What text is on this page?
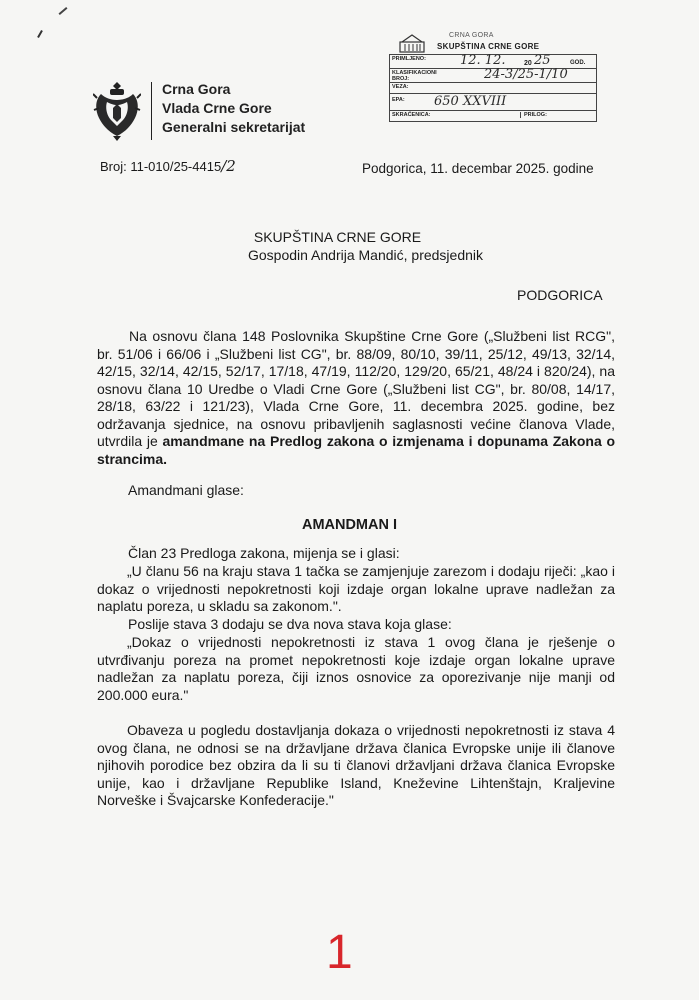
Crna Gora
Vlada Crne Gore
Generalni sekretarijat
CRNA GORA
SKUPŠTINA CRNE GORE
PRIMLJENO:	12. 12.	20 25	GOD.
KLASIFIKACIONI BROJ:	24-3/25-1/10
VEZA:
EPA: 650 XXVIII
SKRAĆENICA:	PRILOG:
Broj: 11-010/25-4415/2	Podgorica, 11. decembar 2025. godine
SKUPŠTINA CRNE GORE
Gospodin Andrija Mandić, predsjednik
PODGORICA
Na osnovu člana 148 Poslovnika Skupštine Crne Gore („Službeni list RCG", br. 51/06 i 66/06 i „Službeni list CG", br. 88/09, 80/10, 39/11, 25/12, 49/13, 32/14, 42/15, 32/14, 42/15, 52/17, 17/18, 47/19, 112/20, 129/20, 65/21, 48/24 i 820/24), na osnovu člana 10 Uredbe o Vladi Crne Gore („Službeni list CG", br. 80/08, 14/17, 28/18, 63/22 i 121/23), Vlada Crne Gore, 11. decembra 2025. godine, bez održavanja sjednice, na osnovu pribavljenih saglasnosti većine članova Vlade, utvrdila je amandmane na Predlog zakona o izmjenama i dopunama Zakona o strancima.
Amandmani glase:
AMANDMAN I
Član 23 Predloga zakona, mijenja se i glasi:
„U članu 56 na kraju stava 1 tačka se zamjenjuje zarezom i dodaju riječi: „kao i dokaz o vrijednosti nepokretnosti koji izdaje organ lokalne uprave nadležan za naplatu poreza, u skladu sa zakonom.".
Poslije stava 3 dodaju se dva nova stava koja glase:
„Dokaz o vrijednosti nepokretnosti iz stava 1 ovog člana je rješenje o utvrđivanju poreza na promet nepokretnosti koje izdaje organ lokalne uprave nadležan za naplatu poreza, čiji iznos osnovice za oporezivanje nije manji od 200.000 eura."
Obaveza u pogledu dostavljanja dokaza o vrijednosti nepokretnosti iz stava 4 ovog člana, ne odnosi se na državljane država članica Evropske unije ili članove njihovih porodice bez obzira da li su ti članovi državljani država članica Evropske unije, kao i državljane Republike Island, Kneževine Lihtenštajn, Kraljevine Norveške i Švajcarske Konfederacije."
1
